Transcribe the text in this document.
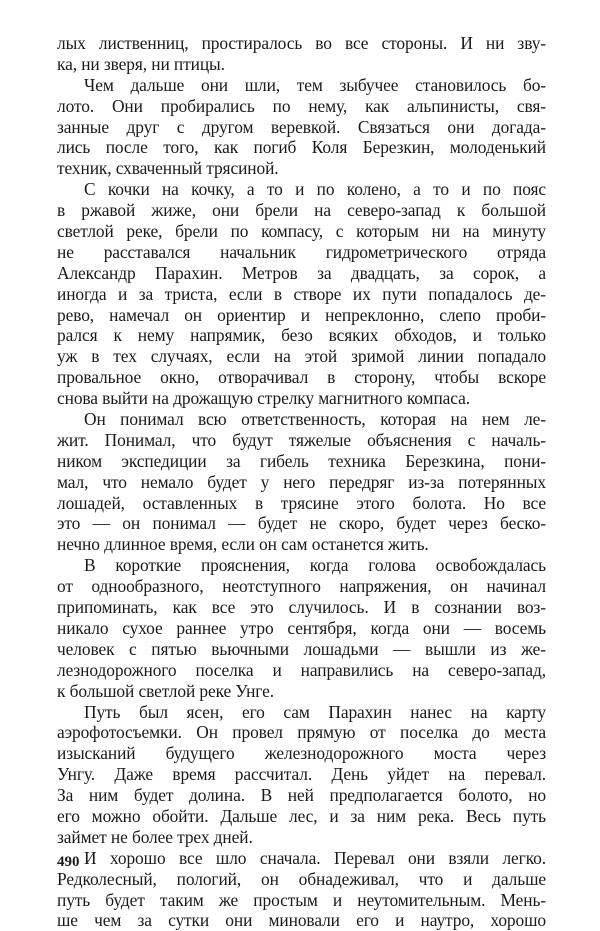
лых лиственниц, простиралось во все стороны. И ни зву-
ка, ни зверя, ни птицы.
Чем дальше они шли, тем зыбучее становилось бо-
лото. Они пробирались по нему, как альпинисты, свя-
занные друг с другом веревкой. Связаться они догада-
лись после того, как погиб Коля Березкин, молоденький
техник, схваченный трясиной.
С кочки на кочку, а то и по колено, а то и по пояс
в ржавой жиже, они брели на северо-запад к большой
светлой реке, брели по компасу, с которым ни на минуту
не расставался начальник гидрометрического отряда
Александр Парахин. Метров за двадцать, за сорок, а
иногда и за триста, если в створе их пути попадалось де-
рево, намечал он ориентир и непреклонно, слепо проби-
рался к нему напрямик, безо всяких обходов, и только
уж в тех случаях, если на этой зримой линии попадало
провальное окно, отворачивал в сторону, чтобы вскоре
снова выйти на дрожащую стрелку магнитного компаса.
Он понимал всю ответственность, которая на нем ле-
жит. Понимал, что будут тяжелые объяснения с началь-
ником экспедиции за гибель техника Березкина, пони-
мал, что немало будет у него передряг из-за потерянных
лошадей, оставленных в трясине этого болота. Но все
это — он понимал — будет не скоро, будет через беско-
нечно длинное время, если он сам останется жить.
В короткие прояснения, когда голова освобождалась
от однообразного, неотступного напряжения, он начинал
припоминать, как все это случилось. И в сознании воз-
никало сухое раннее утро сентября, когда они — восемь
человек с пятью вьючными лошадьми — вышли из же-
лезнодорожного поселка и направились на северо-запад,
к большой светлой реке Унге.
Путь был ясен, его сам Парахин нанес на карту
аэрофотосъемки. Он провел прямую от поселка до места
изысканий будущего железнодорожного моста через
Унгу. Даже время рассчитал. День уйдет на перевал.
За ним будет долина. В ней предполагается болото, но
его можно обойти. Дальше лес, и за ним река. Весь путь
займет не более трех дней.
И хорошо все шло сначала. Перевал они взяли легко.
Редколесный, пологий, он обнадеживал, что и дальше
путь будет таким же простым и неутомительным. Мень-
ше чем за сутки они миновали его и наутро, хорошо
490
